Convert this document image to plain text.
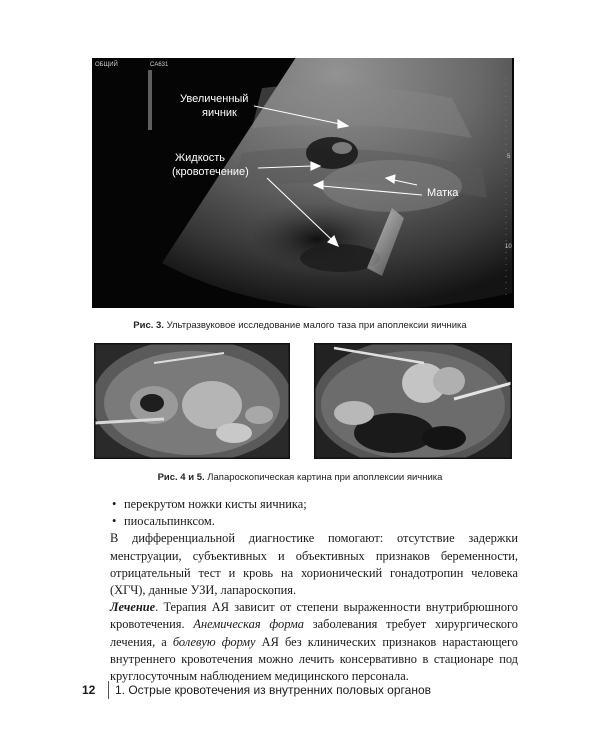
ОБЩИЙ	CA631
5
10
Увеличенный
яичник
Жидкость
(кровотечение)
Матка
Рис. 3. Ультразвуковое исследование малого таза при апоплексии яичника
Рис. 4 и 5. Лапароскопическая картина при апоплексии яичника
• перекрутом ножки кисты яичника;
• пиосальпинксом.
В дифференциальной диагностике помогают: отсутствие задержки менструации, субъективных и объективных признаков беременности, отрицательный тест и кровь на хорионический гонадотропин человека (ХГЧ), данные УЗИ, лапароскопия.
Лечение. Терапия АЯ зависит от степени выраженности внутрибрюшного кровотечения. Анемическая форма заболевания требует хирургического лечения, а болевую форму АЯ без клинических признаков нарастающего внутреннего кровотечения можно лечить консервативно в стационаре под круглосуточным наблюдением медицинского персонала.
12 1. Острые кровотечения из внутренних половых органов
